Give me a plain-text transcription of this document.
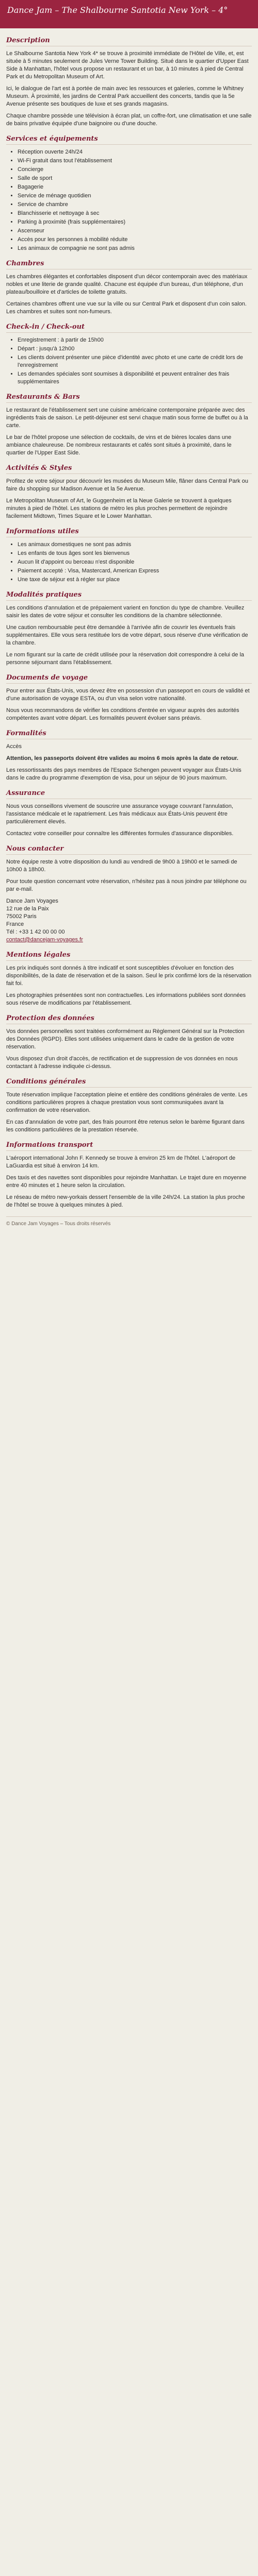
Dance Jam – The Shalbourne Santotia New York – 4°

Description

Le Shalbourne Santotia New York 4* se trouve à proximité immédiate de l'Hôtel de Ville, et, est située à 5 minutes seulement de Jules Verne Tower Building. Situé dans le quartier d'Upper East Side à Manhattan, l'hôtel vous propose un restaurant et un bar, à 10 minutes à pied de Central Park et du Metropolitan Museum of Art.

Ici, le dialogue de l'art est à portée de main avec les ressources et galeries, comme le Whitney Museum. À proximité, les jardins de Central Park accueillent des concerts, tandis que la 5e Avenue présente ses boutiques de luxe et ses grands magasins.

Chaque chambre possède une télévision à écran plat, un coffre-fort, une climatisation et une salle de bains privative équipée d'une baignoire ou d'une douche.

Services et équipements
• Réception ouverte 24h/24
• Wi-Fi gratuit dans tout l'établissement
• Concierge
• Salle de sport
• Bagagerie
• Service de ménage quotidien
• Service de chambre
• Blanchisserie et nettoyage à sec
• Parking à proximité (frais supplémentaires)
• Ascenseur
• Accès pour les personnes à mobilité réduite
• Les animaux de compagnie ne sont pas admis
Chambres

Les chambres élégantes et confortables disposent d'un décor contemporain avec des matériaux nobles et une literie de grande qualité. Chacune est équipée d'un bureau, d'un téléphone, d'un plateau/bouilloire et d'articles de toilette gratuits.

Certaines chambres offrent une vue sur la ville ou sur Central Park et disposent d'un coin salon. Les chambres et suites sont non-fumeurs.

Check-in / Check-out
• Enregistrement : à partir de 15h00
• Départ : jusqu'à 12h00
• Les clients doivent présenter une pièce d'identité avec photo et une carte de crédit lors de l'enregistrement
• Les demandes spéciales sont soumises à disponibilité et peuvent entraîner des frais supplémentaires
Restaurants & Bars

Le restaurant de l'établissement sert une cuisine américaine contemporaine préparée avec des ingrédients frais de saison. Le petit-déjeuner est servi chaque matin sous forme de buffet ou à la carte.

Le bar de l'hôtel propose une sélection de cocktails, de vins et de bières locales dans une ambiance chaleureuse. De nombreux restaurants et cafés sont situés à proximité, dans le quartier de l'Upper East Side.

Activités & Styles

Profitez de votre séjour pour découvrir les musées du Museum Mile, flâner dans Central Park ou faire du shopping sur Madison Avenue et la 5e Avenue.

Le Metropolitan Museum of Art, le Guggenheim et la Neue Galerie se trouvent à quelques minutes à pied de l'hôtel. Les stations de métro les plus proches permettent de rejoindre facilement Midtown, Times Square et le Lower Manhattan.

Informations utiles
• Les animaux domestiques ne sont pas admis
• Les enfants de tous âges sont les bienvenus
• Aucun lit d'appoint ou berceau n'est disponible
• Paiement accepté : Visa, Mastercard, American Express
• Une taxe de séjour est à régler sur place
Modalités pratiques

Les conditions d'annulation et de prépaiement varient en fonction du type de chambre. Veuillez saisir les dates de votre séjour et consulter les conditions de la chambre sélectionnée.

Une caution remboursable peut être demandée à l'arrivée afin de couvrir les éventuels frais supplémentaires. Elle vous sera restituée lors de votre départ, sous réserve d'une vérification de la chambre.

Le nom figurant sur la carte de crédit utilisée pour la réservation doit correspondre à celui de la personne séjournant dans l'établissement.

Documents de voyage

Pour entrer aux États-Unis, vous devez être en possession d'un passeport en cours de validité et d'une autorisation de voyage ESTA, ou d'un visa selon votre nationalité.

Nous vous recommandons de vérifier les conditions d'entrée en vigueur auprès des autorités compétentes avant votre départ. Les formalités peuvent évoluer sans préavis.

Formalités

Accès

Attention, les passeports doivent être valides au moins 6 mois après la date de retour.

Les ressortissants des pays membres de l'Espace Schengen peuvent voyager aux États-Unis dans le cadre du programme d'exemption de visa, pour un séjour de 90 jours maximum.

Assurance

Nous vous conseillons vivement de souscrire une assurance voyage couvrant l'annulation, l'assistance médicale et le rapatriement. Les frais médicaux aux États-Unis peuvent être particulièrement élevés.

Contactez votre conseiller pour connaître les différentes formules d'assurance disponibles.

Nous contacter

Notre équipe reste à votre disposition du lundi au vendredi de 9h00 à 19h00 et le samedi de 10h00 à 18h00.

Pour toute question concernant votre réservation, n'hésitez pas à nous joindre par téléphone ou par e-mail.

Dance Jam Voyages
12 rue de la Paix
75002 Paris
France
Tél : +33 1 42 00 00 00
contact@dancejam-voyages.fr
Mentions légales

Les prix indiqués sont donnés à titre indicatif et sont susceptibles d'évoluer en fonction des disponibilités, de la date de réservation et de la saison. Seul le prix confirmé lors de la réservation fait foi.

Les photographies présentées sont non contractuelles. Les informations publiées sont données sous réserve de modifications par l'établissement.

Protection des données

Vos données personnelles sont traitées conformément au Règlement Général sur la Protection des Données (RGPD). Elles sont utilisées uniquement dans le cadre de la gestion de votre réservation.

Vous disposez d'un droit d'accès, de rectification et de suppression de vos données en nous contactant à l'adresse indiquée ci-dessus.

Conditions générales

Toute réservation implique l'acceptation pleine et entière des conditions générales de vente. Les conditions particulières propres à chaque prestation vous sont communiquées avant la confirmation de votre réservation.

En cas d'annulation de votre part, des frais pourront être retenus selon le barème figurant dans les conditions particulières de la prestation réservée.

Informations transport

L'aéroport international John F. Kennedy se trouve à environ 25 km de l'hôtel. L'aéroport de LaGuardia est situé à environ 14 km.

Des taxis et des navettes sont disponibles pour rejoindre Manhattan. Le trajet dure en moyenne entre 40 minutes et 1 heure selon la circulation.

Le réseau de métro new-yorkais dessert l'ensemble de la ville 24h/24. La station la plus proche de l'hôtel se trouve à quelques minutes à pied.

© Dance Jam Voyages – Tous droits réservés
